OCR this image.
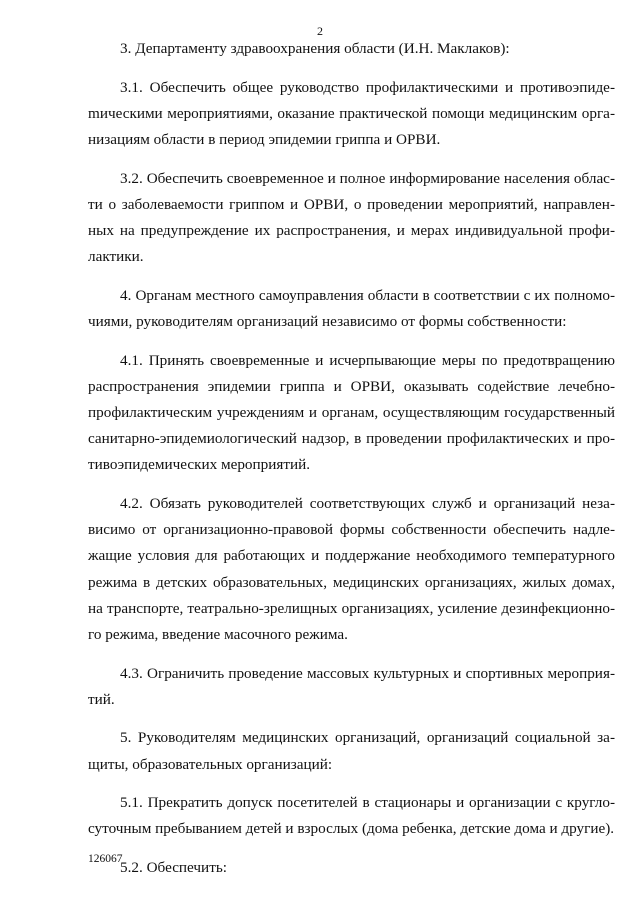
2

3. Департаменту здравоохранения области (И.Н. Маклаков):

3.1. Обеспечить общее руководство профилактическими и противоэпидеmическими мероприятиями, оказание практической помощи медицинским организациям области в период эпидемии гриппа и ОРВИ.

3.2. Обеспечить своевременное и полное информирование населения области о заболеваемости гриппом и ОРВИ, о проведении мероприятий, направленных на предупреждение их распространения, и мерах индивидуальной профилактики.

4. Органам местного самоуправления области в соответствии с их полномочиями, руководителям организаций независимо от формы собственности:

4.1. Принять своевременные и исчерпывающие меры по предотвращению распространения эпидемии гриппа и ОРВИ, оказывать содействие лечебно-профилактическим учреждениям и органам, осуществляющим государственный санитарно-эпидемиологический надзор, в проведении профилактических и противоэпидемических мероприятий.

4.2. Обязать руководителей соответствующих служб и организаций независимо от организационно-правовой формы собственности обеспечить надлежащие условия для работающих и поддержание необходимого температурного режима в детских образовательных, медицинских организациях, жилых домах, на транспорте, театрально-зрелищных организациях, усиление дезинфекционного режима, введение масочного режима.

4.3. Ограничить проведение массовых культурных и спортивных мероприятий.

5. Руководителям медицинских организаций, организаций социальной защиты, образовательных организаций:

5.1. Прекратить допуск посетителей в стационары и организации с круглосуточным пребыванием детей и взрослых (дома ребенка, детские дома и другие).

5.2. Обеспечить:

126067
